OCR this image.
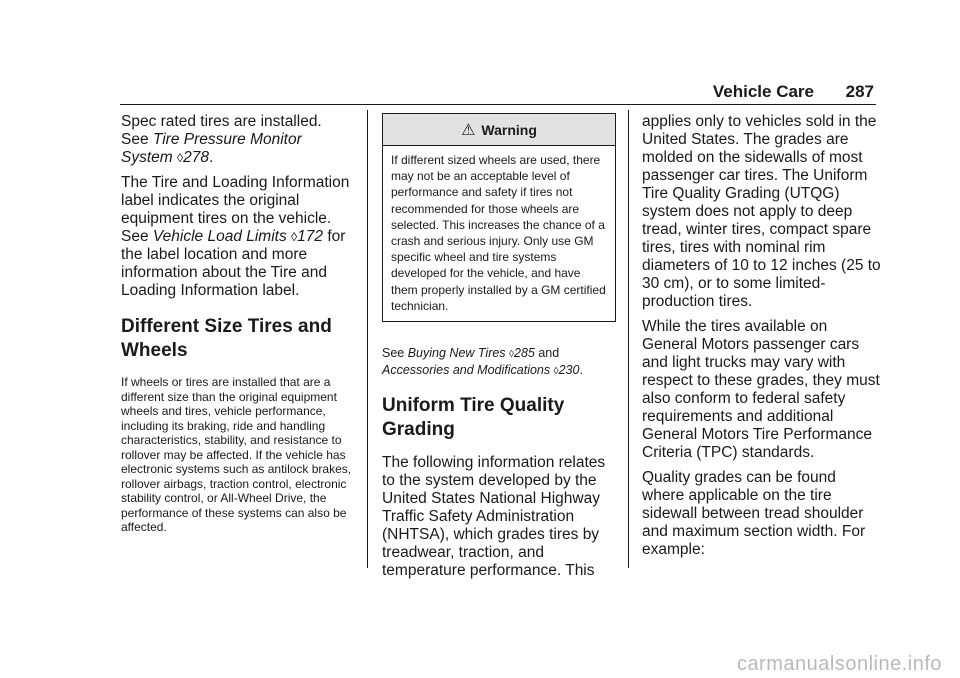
Vehicle Care 287

Spec rated tires are installed. See Tire Pressure Monitor System ◊278.

The Tire and Loading Information label indicates the original equipment tires on the vehicle. See Vehicle Load Limits ◊172 for the label location and more information about the Tire and Loading Information label.

Different Size Tires and Wheels

If wheels or tires are installed that are a different size than the original equipment wheels and tires, vehicle performance, including its braking, ride and handling characteristics, stability, and resistance to rollover may be affected. If the vehicle has electronic systems such as antilock brakes, rollover airbags, traction control, electronic stability control, or All-Wheel Drive, the performance of these systems can also be affected.

⚠ Warning
If different sized wheels are used, there may not be an acceptable level of performance and safety if tires not recommended for those wheels are selected. This increases the chance of a crash and serious injury. Only use GM specific wheel and tire systems developed for the vehicle, and have them properly installed by a GM certified technician.

See Buying New Tires ◊285 and Accessories and Modifications ◊230.

Uniform Tire Quality Grading

The following information relates to the system developed by the United States National Highway Traffic Safety Administration (NHTSA), which grades tires by treadwear, traction, and temperature performance. This

applies only to vehicles sold in the United States. The grades are molded on the sidewalls of most passenger car tires. The Uniform Tire Quality Grading (UTQG) system does not apply to deep tread, winter tires, compact spare tires, tires with nominal rim diameters of 10 to 12 inches (25 to 30 cm), or to some limited-production tires.

While the tires available on General Motors passenger cars and light trucks may vary with respect to these grades, they must also conform to federal safety requirements and additional General Motors Tire Performance Criteria (TPC) standards.

Quality grades can be found where applicable on the tire sidewall between tread shoulder and maximum section width. For example:

carmanualsonline.info
